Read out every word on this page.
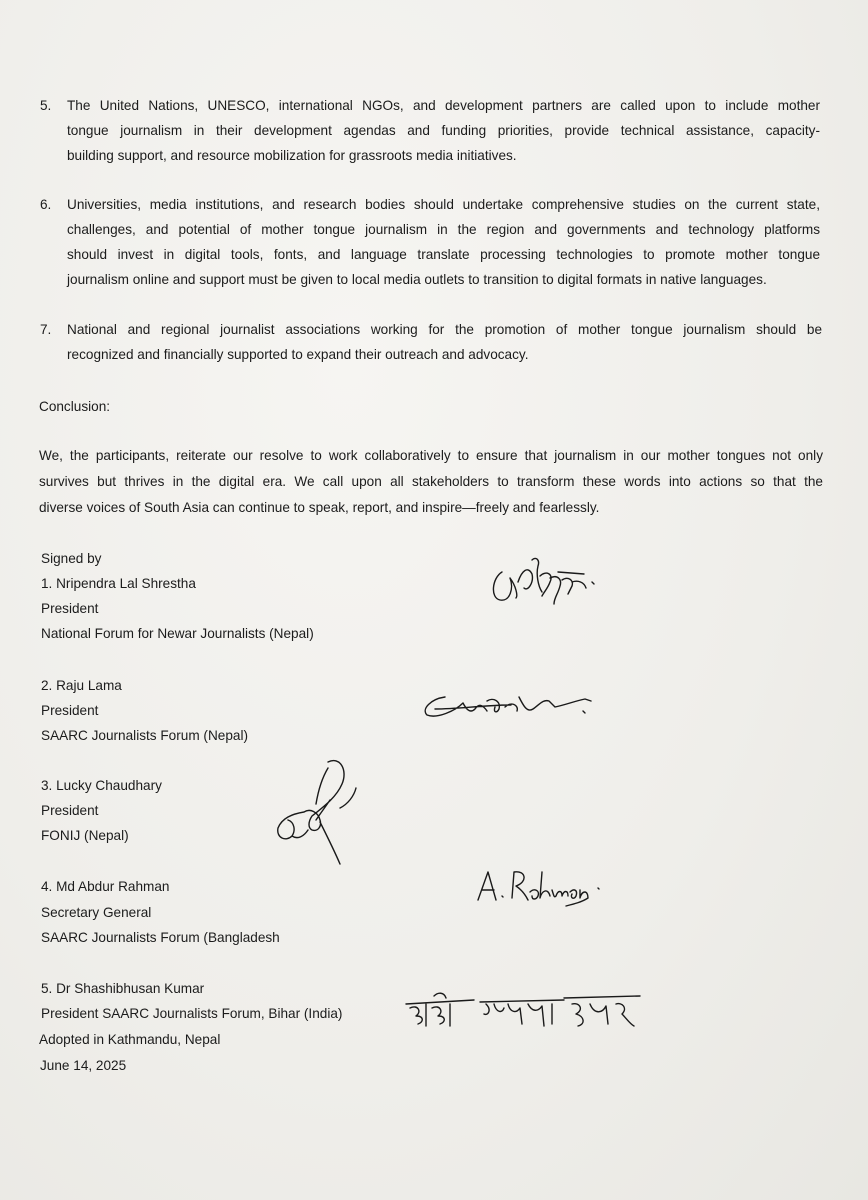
5. The United Nations, UNESCO, international NGOs, and development partners are called upon to include mother
tongue journalism in their development agendas and funding priorities, provide technical assistance, capacity-
building support, and resource mobilization for grassroots media initiatives.
6. Universities, media institutions, and research bodies should undertake comprehensive studies on the current state,
challenges, and potential of mother tongue journalism in the region and governments and technology platforms
should invest in digital tools, fonts, and language translate processing technologies to promote mother tongue
journalism online and support must be given to local media outlets to transition to digital formats in native languages.
7. National and regional journalist associations working for the promotion of mother tongue journalism should be
recognized and financially supported to expand their outreach and advocacy.
Conclusion:
We, the participants, reiterate our resolve to work collaboratively to ensure that journalism in our mother tongues not only
survives but thrives in the digital era. We call upon all stakeholders to transform these words into actions so that the
diverse voices of South Asia can continue to speak, report, and inspire—freely and fearlessly.
Signed by
1. Nripendra Lal Shrestha
President
National Forum for Newar Journalists (Nepal)
2. Raju Lama
President
SAARC Journalists Forum (Nepal)
3. Lucky Chaudhary
President
FONIJ (Nepal)
4. Md Abdur Rahman
Secretary General
SAARC Journalists Forum (Bangladesh
5. Dr Shashibhusan Kumar
President SAARC Journalists Forum, Bihar (India)
Adopted in Kathmandu, Nepal
June 14, 2025
